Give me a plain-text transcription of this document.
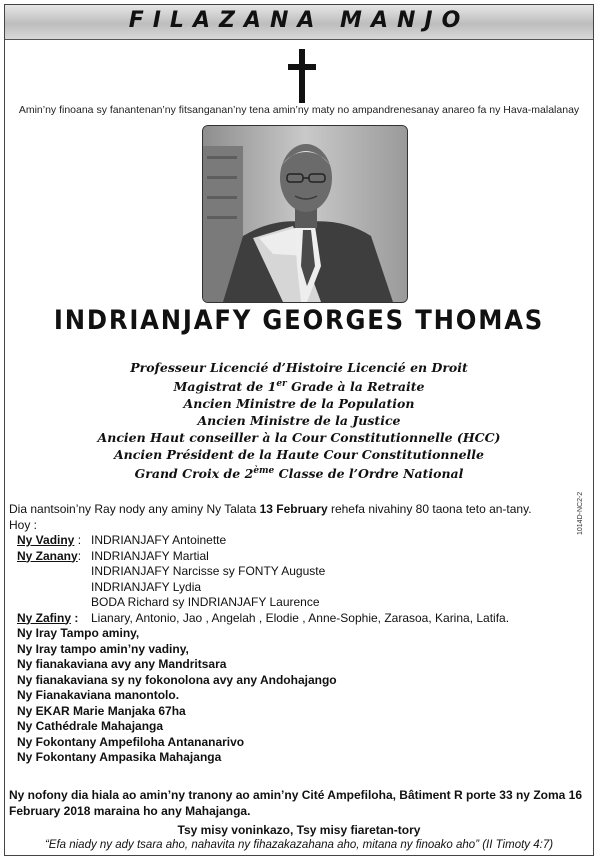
FILAZANA MANJO
Amin’ny finoana sy fanantenan’ny fitsanganan’ny tena amin’ny maty no ampandrenesanay anareo fa ny Hava-malalanay
INDRIANJAFY GEORGES THOMAS
Professeur Licencié d’Histoire Licencié en Droit
Magistrat de 1er Grade à la Retraite
Ancien Ministre de la Population
Ancien Ministre de la Justice
Ancien Haut conseiller à la Cour Constitutionnelle (HCC)
Ancien Président de la Haute Cour Constitutionnelle
Grand Croix de 2ème Classe de l’Ordre National
Dia nantsoin’ny Ray nody any aminy Ny Talata 13 February rehefa nivahiny 80 taona teto an-tany.
Hoy :
Ny Vadiny : INDRIANJAFY Antoinette
Ny Zanany: INDRIANJAFY Martial
INDRIANJAFY Narcisse sy FONTY Auguste
INDRIANJAFY Lydia
BODA Richard sy INDRIANJAFY Laurence
Ny Zafiny :	Lianary, Antonio, Jao , Angelah , Elodie , Anne-Sophie, Zarasoa, Karina, Latifa.
Ny Iray Tampo aminy,
Ny Iray tampo amin’ny vadiny,
Ny fianakaviana avy any Mandritsara
Ny fianakaviana sy ny fokonolona avy any Andohajango
Ny Fianakaviana manontolo.
Ny EKAR Marie Manjaka 67ha
Ny Cathédrale Mahajanga
Ny Fokontany Ampefiloha Antananarivo
Ny Fokontany Ampasika Mahajanga
1014D-NC2-2
Ny nofony dia hiala ao amin’ny tranony ao amin’ny Cité Ampefiloha, Bâtiment R porte 33 ny Zoma 16 February 2018 maraina ho any Mahajanga.
Tsy misy voninkazo, Tsy misy fiaretan-tory
“Efa niady ny ady tsara aho, nahavita ny fihazakazahana aho, mitana ny finoako aho” (II Timoty 4:7)
